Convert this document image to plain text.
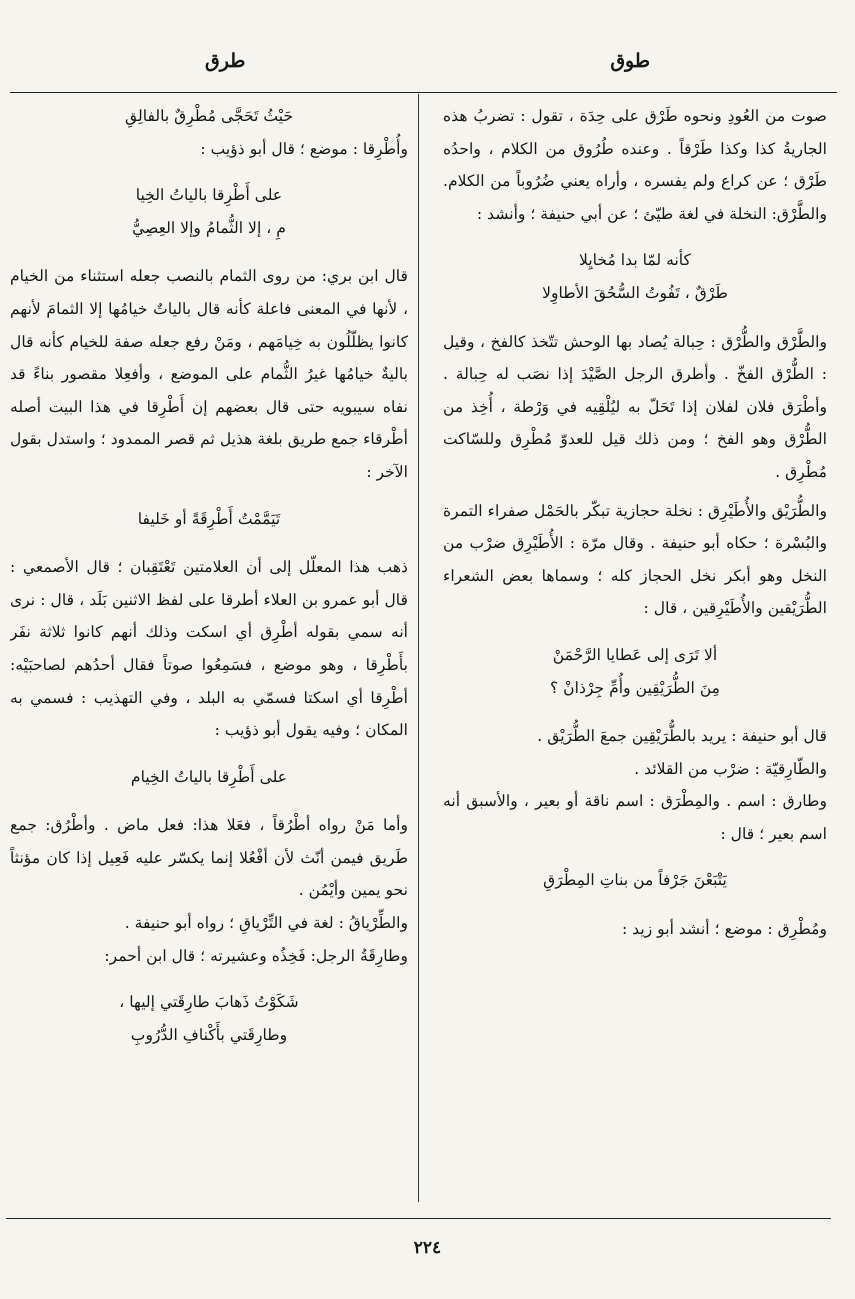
طوق
طرق

صوت من العُودِ ونحوه طَرْق على حِدَة ، تقول : تضربُ هذه الجاريةُ كذا وكذا طَرْقاً . وعنده طُرُوق من الكلام ، واحدُه طَرْق ؛ عن كراع ولم يفسره ، وأراه يعني ضُرُوباً من الكلام. والطَّرْق: النخلة في لغة طيّئ ؛ عن أبي حنيفة ؛ وأنشد :

كأنه لمّا بدا مُخايِلا

طَرْقٌ ، تَفُوتُ السُّحُقَ الأطاوِلا

والطَّرْق والطُّرْق : حِبالة يُصاد بها الوحش تتّخذ كالفخ ، وقيل : الطُّرْق الفخّ . وأطرق الرجل الصَّيْدَ إذا نصَب له حِبالة . وأطْرَق فلان لفلان إذا تَحَلّ به ليُلْقِيه في وَرْطة ، أُخِذ من الطُّرْق وهو الفخ ؛ ومن ذلك قيل للعدوّ مُطْرِق وللسّاكت مُطْرِق .

والطُّرَيْق والأُطَيْرِق : نخلة حجازية تبكّر بالحَمْل صفراء التمرة والبُسْرة ؛ حكاه أبو حنيفة . وقال مرّة : الأُطَيْرِق ضرْب من النخل وهو أبكر نخل الحجاز كله ؛ وسماها بعض الشعراء الطُّرَيْقين والأُطَيْرِقين ، قال :

ألا تَرَى إلى عَطايا الرَّحْمَنْ

مِنَ الطُّرَيْقِين وأُمِّ جِرْذانْ ؟

قال أبو حنيفة : يريد بالطُّرَيْقِين جمعَ الطُّرَيْق .

والطّارِقيّة : ضرْب من القلائد .

وطارق : اسم . والمِطْرَق : اسم ناقة أو بعير ، والأسبق أنه اسم بعير ؛ قال :

يَتْبَعْنَ جَرْفاً من بناتِ المِطْرَقِ

ومُطْرِق : موضع ؛ أنشد أبو زيد :

حَيْثُ تَحَجَّى مُطْرِقٌ بالفالِقِ

وأُطْرِقا : موضع ؛ قال أبو ذؤيب :

على أَطْرِقا بالياتُ الخِيا

مِ ، إلا الثُّمامُ وإلا العِصِيُّ

قال ابن بري: من روى الثمام بالنصب جعله استثناء من الخيام ، لأنها في المعنى فاعلة كأنه قال بالياتٌ خيامُها إلا الثمامَ لأنهم كانوا يظلّلُون به خِيامَهم ، ومَنْ رفع جعله صفة للخيام كأنه قال باليةٌ خيامُها غيرُ الثُّمام على الموضع ، وأفعِلا مقصور بناءً قد نفاه سيبويه حتى قال بعضهم إن أَطْرِقا في هذا البيت أصله أطْرقاء جمع طريق بلغة هذيل ثم قصر الممدود ؛ واستدل بقول الآخر :

تَيَمَّمْتُ أَطْرِقَةً أو خَليفا

ذهب هذا المعلّل إلى أن العلامتين تَعْتَقِبان ؛ قال الأصمعي : قال أبو عمرو بن العلاء أطرقا على لفظ الاثنين بَلَد ، قال : نرى أنه سمي بقوله أطْرِق أي اسكت وذلك أنهم كانوا ثلاثة نفَر بأَطْرِقا ، وهو موضع ، فسَمِعُوا صوتاً فقال أحدُهم لصاحبَيْه: أطْرِقا أي اسكتا فسمّي به البلد ، وفي التهذيب : فسمي به المكان ؛ وفيه يقول أبو ذؤيب :

على أَطْرِقا بالياتُ الخِيام

وأما مَنْ رواه أطْرُقاً ، فعَلا هذا: فعل ماض . وأطْرُق: جمع طَريق فيمن أنّث لأن أفْعُلا إنما يكسّر عليه فَعِيل إذا كان مؤنثاً نحو يمين وأيْمُن .

والطِّرْياقُ : لغة في التِّرْياقِ ؛ رواه أبو حنيفة .

وطارِقَةُ الرجل: فَخِذُه وعشيرته ؛ قال ابن أحمر:

شَكَوْتُ ذَهابَ طارِقَتي إليها ،

وطارِقَتي بأَكْنافِ الدُّرُوبِ

٢٢٤
